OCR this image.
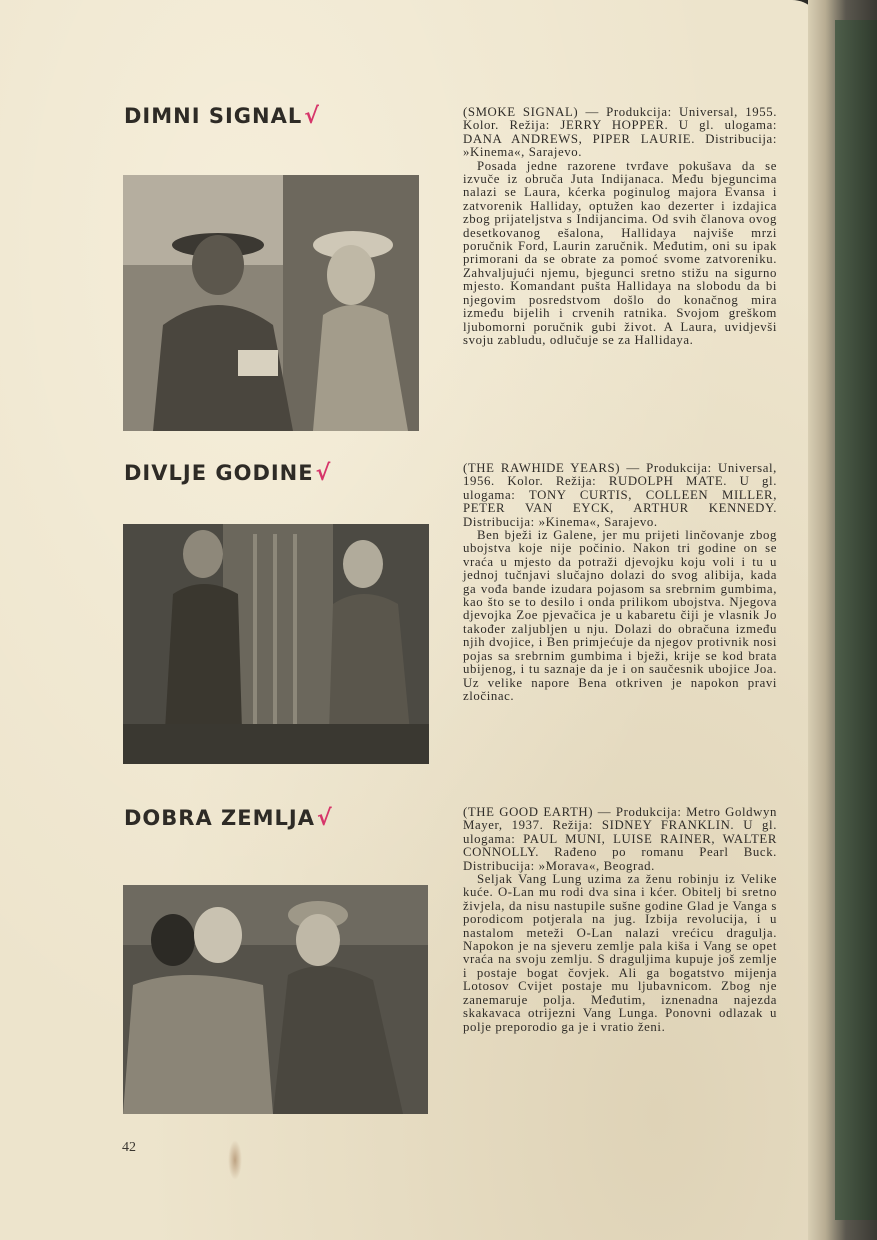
DIMNI SIGNAL√	(SMOKE SIGNAL) — Produkcija: Universal, 1955. Kolor. Režija: JERRY HOPPER. U gl. ulogama: DANA ANDREWS, PIPER LAURIE. Distribucija: »Kinema«, Sarajevo.

Posada jedne razorene tvrđave pokušava da se izvuče iz obruča Juta Indijanaca. Među bjeguncima nalazi se Laura, kćerka poginulog majora Evansa i zatvorenik Halliday, optužen kao dezerter i izdajica zbog prijateljstva s Indijancima. Od svih članova ovog desetkovanog ešalona, Hallidaya najviše mrzi poručnik Ford, Laurin zaručnik. Međutim, oni su ipak primorani da se obrate za pomoć svome zatvoreniku. Zahvaljujući njemu, bjegunci sretno stižu na sigurno mjesto. Komandant pušta Hallidaya na slobodu da bi njegovim posredstvom došlo do konačnog mira između bijelih i crvenih ratnika. Svojom greškom ljubomorni poručnik gubi život. A Laura, uvidjevši svoju zabludu, odlučuje se za Hallidaya.

DIVLJE GODINE√	(THE RAWHIDE YEARS) — Produkcija: Universal, 1956. Kolor. Režija: RUDOLPH MATE. U gl. ulogama: TONY CURTIS, COLLEEN MILLER, PETER VAN EYCK, ARTHUR KENNEDY. Distribucija: »Kinema«, Sarajevo.

Ben bježi iz Galene, jer mu prijeti linčovanje zbog ubojstva koje nije počinio. Nakon tri godine on se vraća u mjesto da potraži djevojku koju voli i tu u jednoj tučnjavi slučajno dolazi do svog alibija, kada ga vođa bande izudara pojasom sa srebrnim gumbima, kao što se to desilo i onda prilikom ubojstva. Njegova djevojka Zoe pjevačica je u kabaretu čiji je vlasnik Jo također zaljubljen u nju. Dolazi do obračuna između njih dvojice, i Ben primjećuje da njegov protivnik nosi pojas sa srebrnim gumbima i bježi, krije se kod brata ubijenog, i tu saznaje da je i on saučesnik ubojice Joa. Uz velike napore Bena otkriven je napokon pravi zločinac.

DOBRA ZEMLJA√	(THE GOOD EARTH) — Produkcija: Metro Goldwyn Mayer, 1937. Režija: SIDNEY FRANKLIN. U gl. ulogama: PAUL MUNI, LUISE RAINER, WALTER CONNOLLY. Rađeno po romanu Pearl Buck. Distribucija: »Morava«, Beograd.

Seljak Vang Lung uzima za ženu robinju iz Velike kuće. O-Lan mu rodi dva sina i kćer. Obitelj bi sretno živjela, da nisu nastupile sušne godine Glad je Vanga s porodicom potjerala na jug. Izbija revolucija, i u nastalom meteži O-Lan nalazi vrećicu dragulja. Napokon je na sjeveru zemlje pala kiša i Vang se opet vraća na svoju zemlju. S draguljima kupuje još zemlje i postaje bogat čovjek. Ali ga bogatstvo mijenja Lotosov Cvijet postaje mu ljubavnicom. Zbog nje zanemaruje polja. Međutim, iznenadna najezda skakavaca otrijezni Vang Lunga. Ponovni odlazak u polje preporodio ga je i vratio ženi.

42
